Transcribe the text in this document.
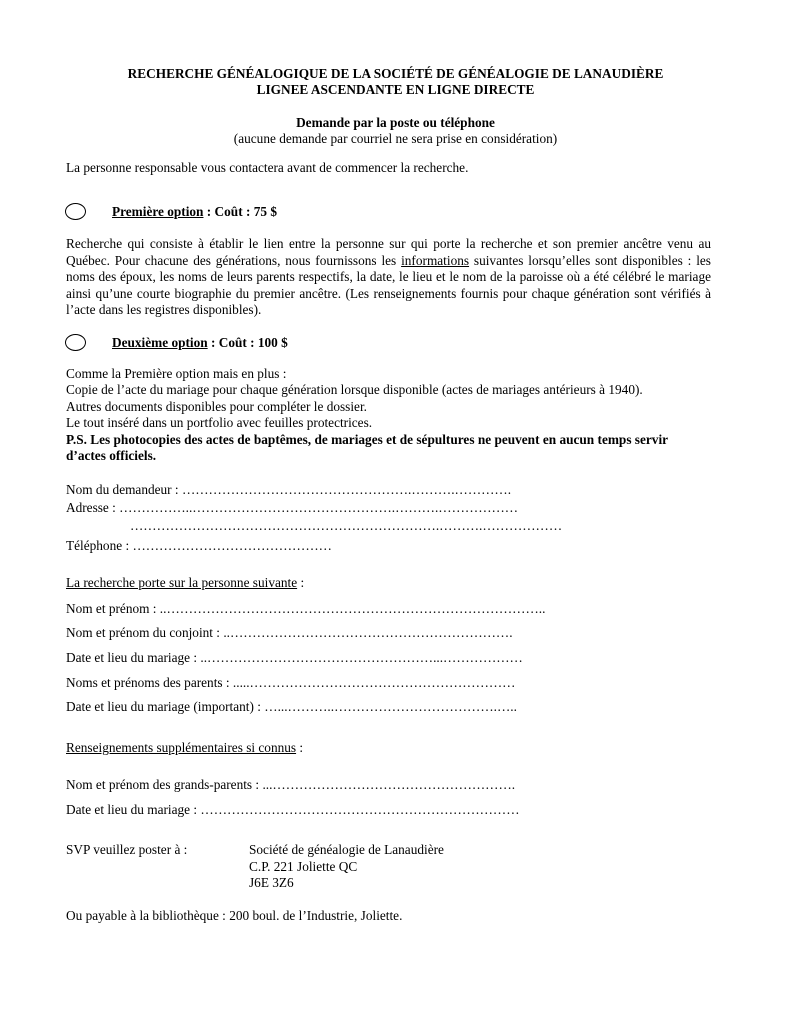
RECHERCHE GÉNÉALOGIQUE DE LA SOCIÉTÉ DE GÉNÉALOGIE DE LANAUDIÈRE
LIGNEE ASCENDANTE EN LIGNE DIRECTE
Demande par la poste ou téléphone
(aucune demande par courriel ne sera prise en considération)
La personne responsable vous contactera avant de commencer la recherche.
Première option : Coût : 75 $
Recherche qui consiste à établir le lien entre la personne sur qui porte la recherche et son premier ancêtre venu au Québec. Pour chacune des générations, nous fournissons les informations suivantes lorsqu’elles sont disponibles : les noms des époux, les noms de leurs parents respectifs, la date, le lieu et le nom de la paroisse où a été célébré le mariage ainsi qu’une courte biographie du premier ancêtre. (Les renseignements fournis pour chaque génération sont vérifiés à l’acte dans les registres disponibles).
Deuxième option : Coût : 100 $
Comme la Première option mais en plus :
Copie de l’acte du mariage pour chaque génération lorsque disponible (actes de mariages antérieurs à 1940).
Autres documents disponibles pour compléter le dossier.
Le tout inséré dans un portfolio avec feuilles protectrices.
P.S. Les photocopies des actes de baptêmes, de mariages et de sépultures ne peuvent en aucun temps servir
d’actes officiels.
Nom du demandeur : …………………………………………….……….………….
Adresse : ……………..……………………………………….……….………………
…………………………………………………………….……….………………
Téléphone : ………………………………………
La recherche porte sur la personne suivante :
Nom et prénom : ..…………………………………………………………………………..
Nom et prénom du conjoint : ..……………………………………………………….
Date et lieu du mariage : ..……………………………………………...………………
Noms et prénoms des parents : .....……………………………………………………
Date et lieu du mariage (important) : …...………..……………………………….…..
Renseignements supplémentaires si connus :
Nom et prénom des grands-parents : ...……………………………………………….
Date et lieu du mariage : ………………………………………………………………
SVP veuillez poster à :	Société de généalogie de Lanaudière
C.P. 221 Joliette QC
J6E 3Z6
Ou payable à la bibliothèque : 200 boul. de l’Industrie, Joliette.
